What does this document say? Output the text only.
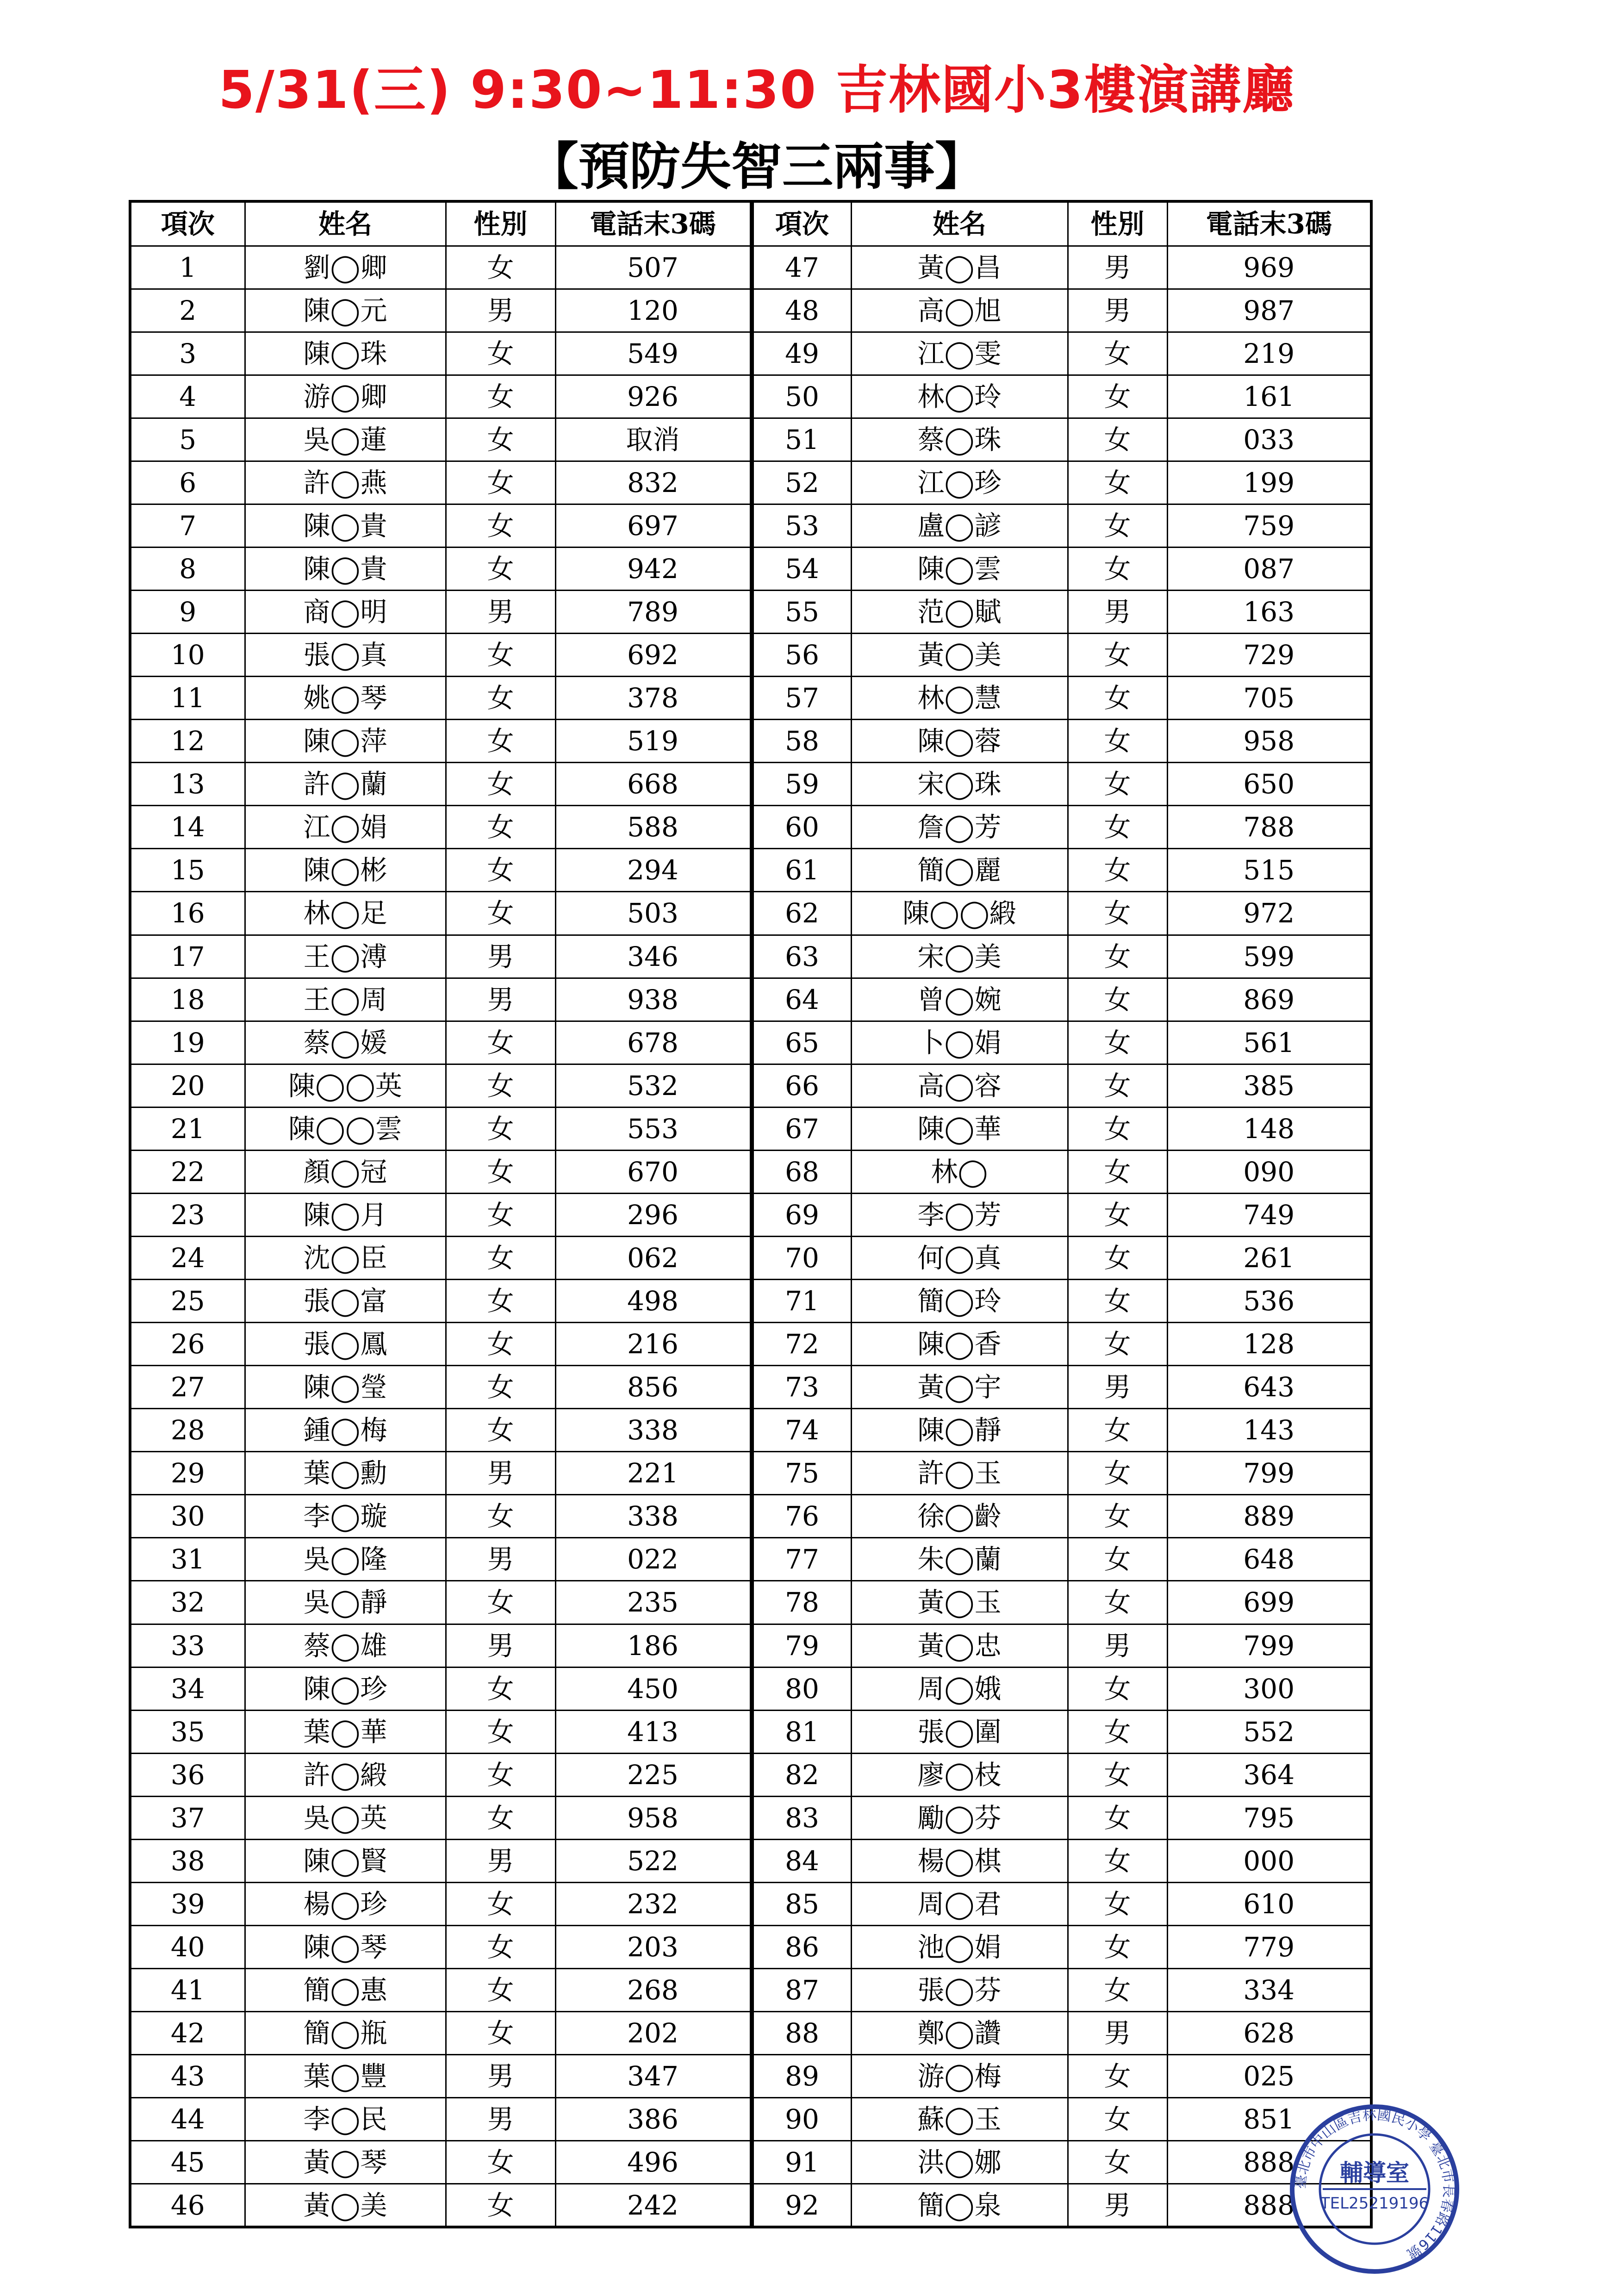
5/31(三) 9:30~11:30 吉林國小3樓演講廳
【預防失智三兩事】
項次	姓名	性別	電話末3碼	項次	姓名	性別	電話末3碼
1	劉◯卿	女	507	47	黃◯昌	男	969
2	陳◯元	男	120	48	高◯旭	男	987
3	陳◯珠	女	549	49	江◯雯	女	219
4	游◯卿	女	926	50	林◯玲	女	161
5	吳◯蓮	女	取消	51	蔡◯珠	女	033
6	許◯燕	女	832	52	江◯珍	女	199
7	陳◯貴	女	697	53	盧◯諺	女	759
8	陳◯貴	女	942	54	陳◯雲	女	087
9	商◯明	男	789	55	范◯賦	男	163
10	張◯真	女	692	56	黃◯美	女	729
11	姚◯琴	女	378	57	林◯慧	女	705
12	陳◯萍	女	519	58	陳◯蓉	女	958
13	許◯蘭	女	668	59	宋◯珠	女	650
14	江◯娟	女	588	60	詹◯芳	女	788
15	陳◯彬	女	294	61	簡◯麗	女	515
16	林◯足	女	503	62	陳◯◯緞	女	972
17	王◯溥	男	346	63	宋◯美	女	599
18	王◯周	男	938	64	曾◯婉	女	869
19	蔡◯媛	女	678	65	卜◯娟	女	561
20	陳◯◯英	女	532	66	高◯容	女	385
21	陳◯◯雲	女	553	67	陳◯華	女	148
22	顏◯冠	女	670	68	林◯	女	090
23	陳◯月	女	296	69	李◯芳	女	749
24	沈◯臣	女	062	70	何◯真	女	261
25	張◯富	女	498	71	簡◯玲	女	536
26	張◯鳳	女	216	72	陳◯香	女	128
27	陳◯瑩	女	856	73	黃◯宇	男	643
28	鍾◯梅	女	338	74	陳◯靜	女	143
29	葉◯勳	男	221	75	許◯玉	女	799
30	李◯璇	女	338	76	徐◯齡	女	889
31	吳◯隆	男	022	77	朱◯蘭	女	648
32	吳◯靜	女	235	78	黃◯玉	女	699
33	蔡◯雄	男	186	79	黃◯忠	男	799
34	陳◯珍	女	450	80	周◯娥	女	300
35	葉◯華	女	413	81	張◯圍	女	552
36	許◯緞	女	225	82	廖◯枝	女	364
37	吳◯英	女	958	83	勵◯芬	女	795
38	陳◯賢	男	522	84	楊◯棋	女	000
39	楊◯珍	女	232	85	周◯君	女	610
40	陳◯琴	女	203	86	池◯娟	女	779
41	簡◯惠	女	268	87	張◯芬	女	334
42	簡◯瓶	女	202	88	鄭◯讚	男	628
43	葉◯豐	男	347	89	游◯梅	女	025
44	李◯民	男	386	90	蘇◯玉	女	851
45	黃◯琴	女	496	91	洪◯娜	女	888
46	黃◯美	女	242	92	簡◯泉	男	888
臺北市中山區吉林國民小學 臺北市長春路116號
輔導室
TEL25219196
